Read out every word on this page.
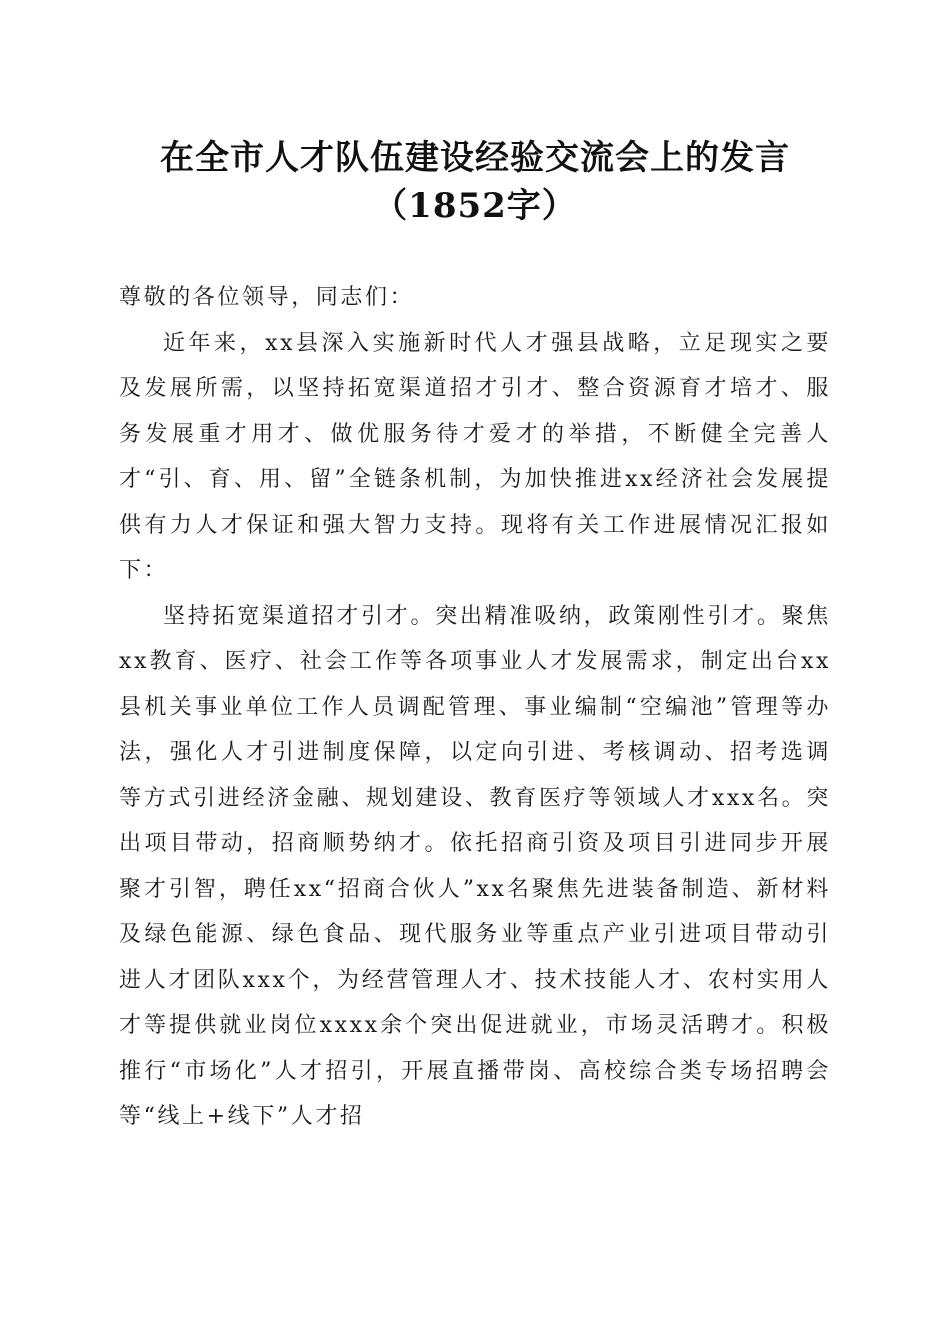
在全市人才队伍建设经验交流会上的发言
（1852字）

尊敬的各位领导，同志们：

近年来，xx县深入实施新时代人才强县战略，立足现实之要及发展所需，以坚持拓宽渠道招才引才、整合资源育才培才、服务发展重才用才、做优服务待才爱才的举措，不断健全完善人才“引、育、用、留”全链条机制，为加快推进xx经济社会发展提供有力人才保证和强大智力支持。现将有关工作进展情况汇报如下：

坚持拓宽渠道招才引才。突出精准吸纳，政策刚性引才。聚焦xx教育、医疗、社会工作等各项事业人才发展需求，制定出台xx县机关事业单位工作人员调配管理、事业编制“空编池”管理等办法，强化人才引进制度保障，以定向引进、考核调动、招考选调等方式引进经济金融、规划建设、教育医疗等领域人才xxx名。突出项目带动，招商顺势纳才。依托招商引资及项目引进同步开展聚才引智，聘任xx“招商合伙人”xx名聚焦先进装备制造、新材料及绿色能源、绿色食品、现代服务业等重点产业引进项目带动引进人才团队xxx个，为经营管理人才、技术技能人才、农村实用人才等提供就业岗位xxxx余个突出促进就业，市场灵活聘才。积极推行“市场化”人才招引，开展直播带岗、高校综合类专场招聘会等“线上+线下”人才招
